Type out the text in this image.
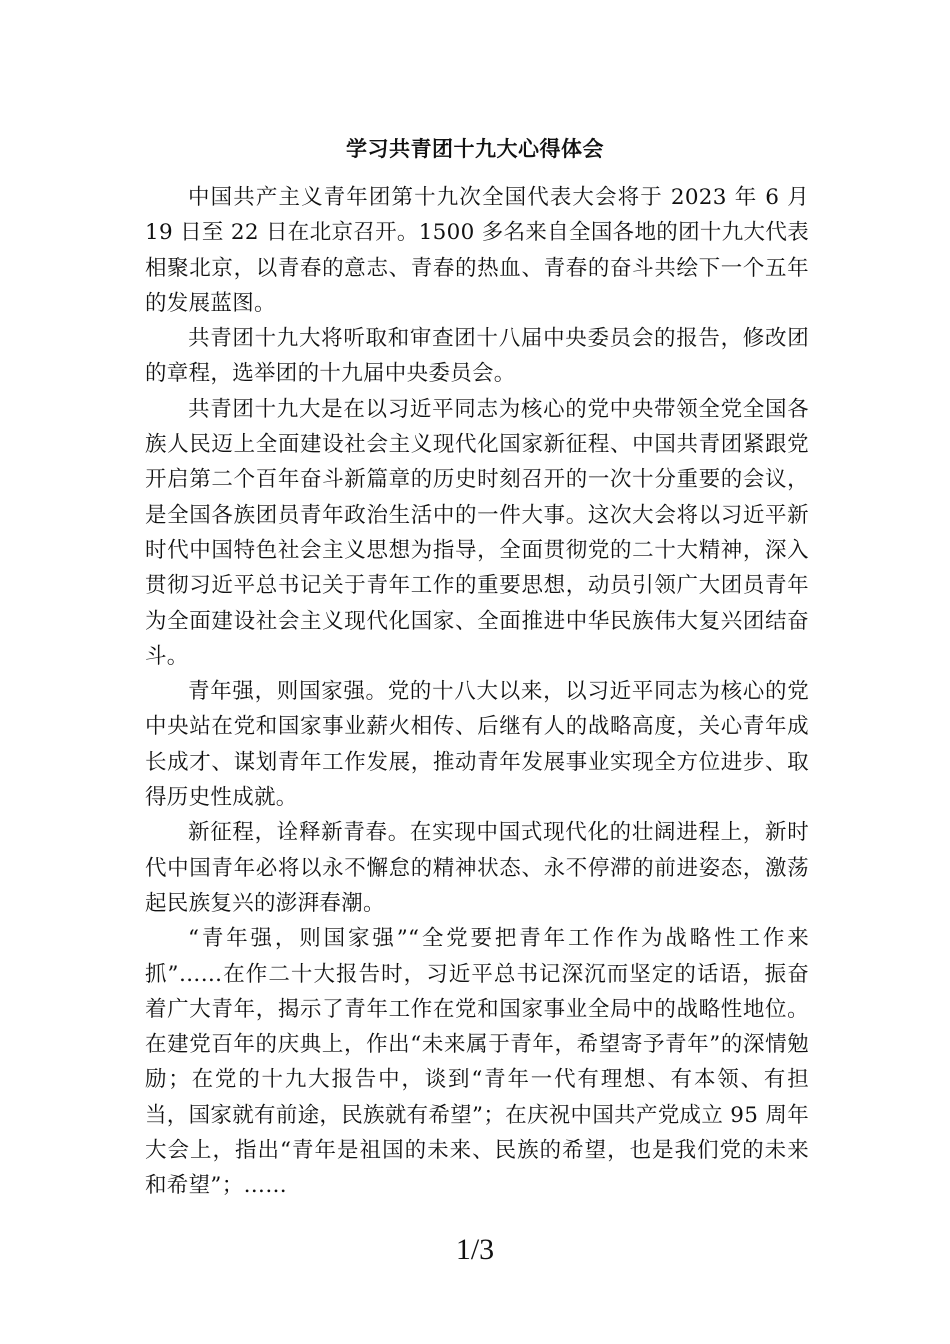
学习共青团十九大心得体会

中国共产主义青年团第十九次全国代表大会将于 2023 年 6 月 19 日至 22 日在北京召开。1500 多名来自全国各地的团十九大代表相聚北京，以青春的意志、青春的热血、青春的奋斗共绘下一个五年的发展蓝图。

共青团十九大将听取和审查团十八届中央委员会的报告，修改团的章程，选举团的十九届中央委员会。

共青团十九大是在以习近平同志为核心的党中央带领全党全国各族人民迈上全面建设社会主义现代化国家新征程、中国共青团紧跟党开启第二个百年奋斗新篇章的历史时刻召开的一次十分重要的会议，是全国各族团员青年政治生活中的一件大事。这次大会将以习近平新时代中国特色社会主义思想为指导，全面贯彻党的二十大精神，深入贯彻习近平总书记关于青年工作的重要思想，动员引领广大团员青年为全面建设社会主义现代化国家、全面推进中华民族伟大复兴团结奋斗。

青年强，则国家强。党的十八大以来，以习近平同志为核心的党中央站在党和国家事业薪火相传、后继有人的战略高度，关心青年成长成才、谋划青年工作发展，推动青年发展事业实现全方位进步、取得历史性成就。

新征程，诠释新青春。在实现中国式现代化的壮阔进程上，新时代中国青年必将以永不懈怠的精神状态、永不停滞的前进姿态，激荡起民族复兴的澎湃春潮。

“青年强，则国家强”“全党要把青年工作作为战略性工作来抓”……在作二十大报告时，习近平总书记深沉而坚定的话语，振奋着广大青年，揭示了青年工作在党和国家事业全局中的战略性地位。在建党百年的庆典上，作出“未来属于青年，希望寄予青年”的深情勉励；在党的十九大报告中，谈到“青年一代有理想、有本领、有担当，国家就有前途，民族就有希望”；在庆祝中国共产党成立 95 周年大会上，指出“青年是祖国的未来、民族的希望，也是我们党的未来和希望”；……

1/3
